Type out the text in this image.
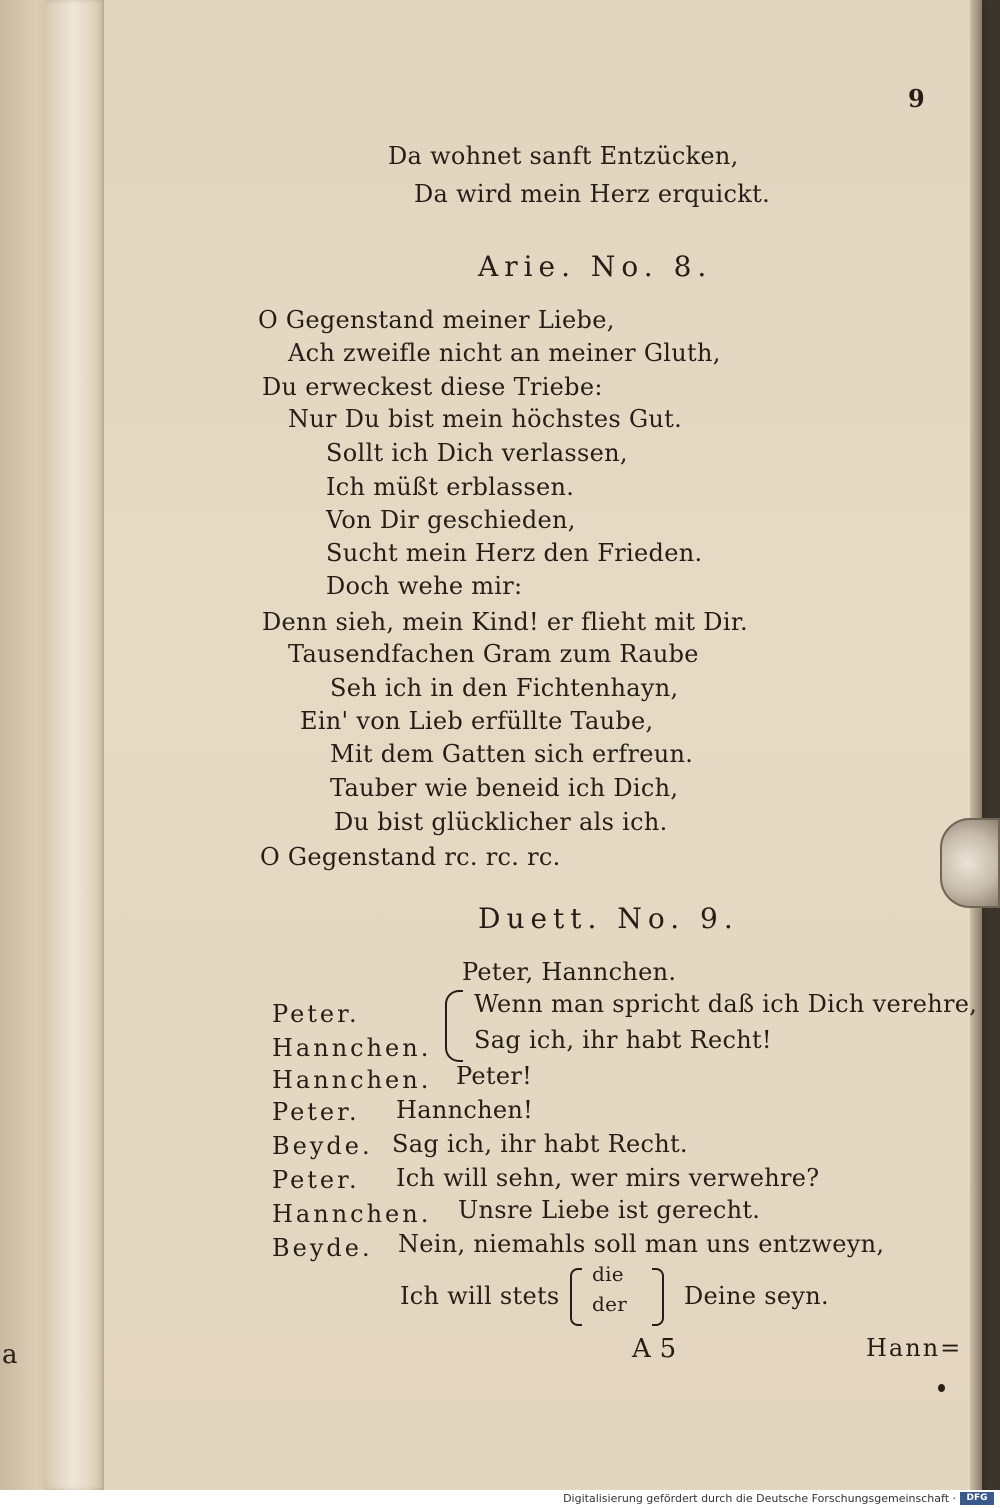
9
Da wohnet sanft Entzücken,
Da wird mein Herz erquickt.
Arie. No. 8.
O Gegenstand meiner Liebe,
Ach zweifle nicht an meiner Gluth,
Du erweckest diese Triebe:
Nur Du bist mein höchstes Gut.
Sollt ich Dich verlassen,
Ich müßt erblassen.
Von Dir geschieden,
Sucht mein Herz den Frieden.
Doch wehe mir:
Denn sieh, mein Kind! er flieht mit Dir.
Tausendfachen Gram zum Raube
Seh ich in den Fichtenhayn,
Ein' von Lieb erfüllte Taube,
Mit dem Gatten sich erfreun.
Tauber wie beneid ich Dich,
Du bist glücklicher als ich.
O Gegenstand rc. rc. rc.
Duett. No. 9.
Peter, Hannchen.
Peter.	Wenn man spricht daß ich Dich verehre,
Hannchen. Sag ich, ihr habt Recht!
Hannchen. Peter!
Peter. Hannchen!
Beyde. Sag ich, ihr habt Recht.
Peter. Ich will sehn, wer mirs verwehre?
Hannchen. Unsre Liebe ist gerecht.
Beyde. Nein, niemahls soll man uns entzweyn,
Ich will stets
die
der Deine seyn.
A 5	Hann=
a
Digitalisierung gefördert durch die Deutsche Forschungsgemeinschaft ·	DFG
